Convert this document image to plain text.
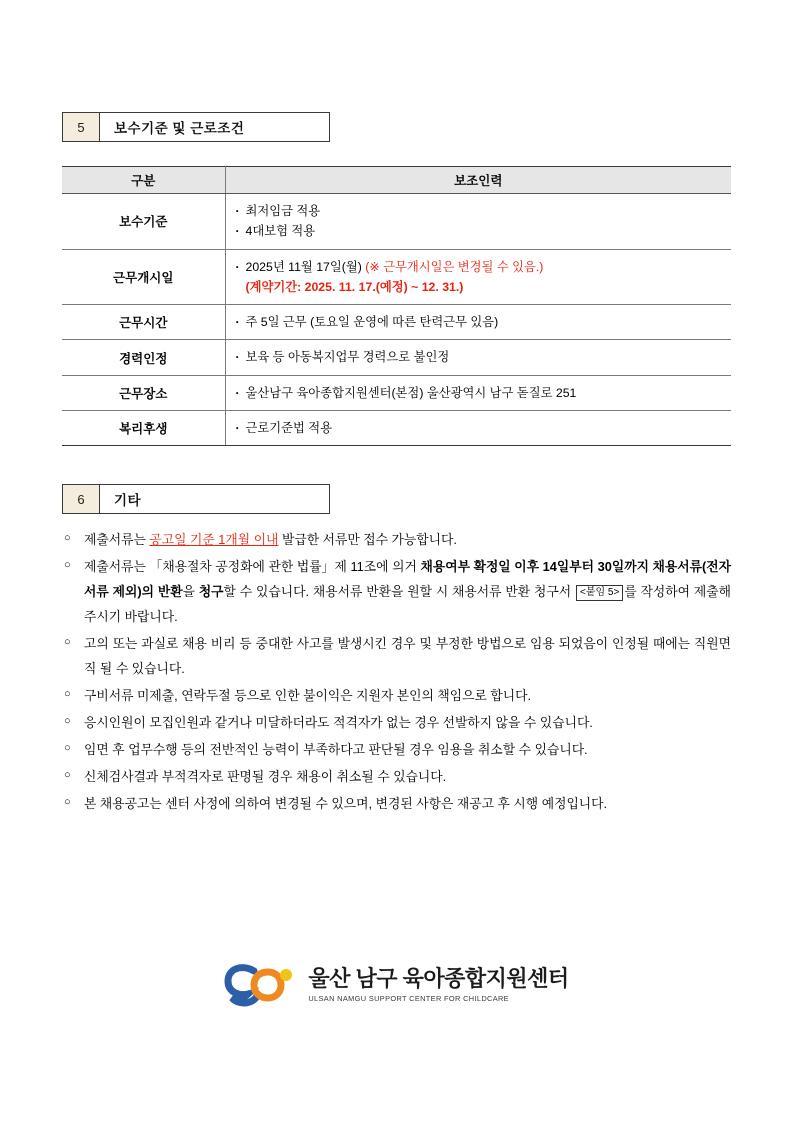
5	보수기준 및 근로조건
구분	보조인력
보수기준	· 최저임금 적용
· 4대보험 적용

근무개시일	· 2025년 11월 17일(월) (※ 근무개시일은 변경될 수 있음.)
(계약기간: 2025. 11. 17.(예정) ~ 12. 31.)

근무시간	· 주 5일 근무 (토요일 운영에 따른 탄력근무 있음)

경력인정	· 보육 등 아동복지업무 경력으로 불인정

근무장소	· 울산남구 육아종합지원센터(본점) 울산광역시 남구 돋질로 251

복리후생	· 근로기준법 적용
6	기타
○ 제출서류는 공고일 기준 1개월 이내 발급한 서류만 접수 가능합니다.
○ 제출서류는 「채용절차 공정화에 관한 법률」제 11조에 의거 채용여부 확정일 이후 14일부터 30일까지 채용서류(전자서류 제외)의 반환을 청구할 수 있습니다. 채용서류 반환을 원할 시 채용서류 반환 청구서 <붙임 5> 를 작성하여 제출해 주시기 바랍니다.
○ 고의 또는 과실로 채용 비리 등 중대한 사고를 발생시킨 경우 및 부정한 방법으로 임용 되었음이 인정될 때에는 직원면직 될 수 있습니다.
○ 구비서류 미제출, 연락두절 등으로 인한 불이익은 지원자 본인의 책임으로 합니다.
○ 응시인원이 모집인원과 같거나 미달하더라도 적격자가 없는 경우 선발하지 않을 수 있습니다.
○ 임면 후 업무수행 등의 전반적인 능력이 부족하다고 판단될 경우 임용을 취소할 수 있습니다.
○ 신체검사결과 부적격자로 판명될 경우 채용이 취소될 수 있습니다.
○ 본 채용공고는 센터 사정에 의하여 변경될 수 있으며, 변경된 사항은 재공고 후 시행 예정입니다.
울산 남구 육아종합지원센터
ULSAN NAMGU SUPPORT CENTER FOR CHILDCARE
